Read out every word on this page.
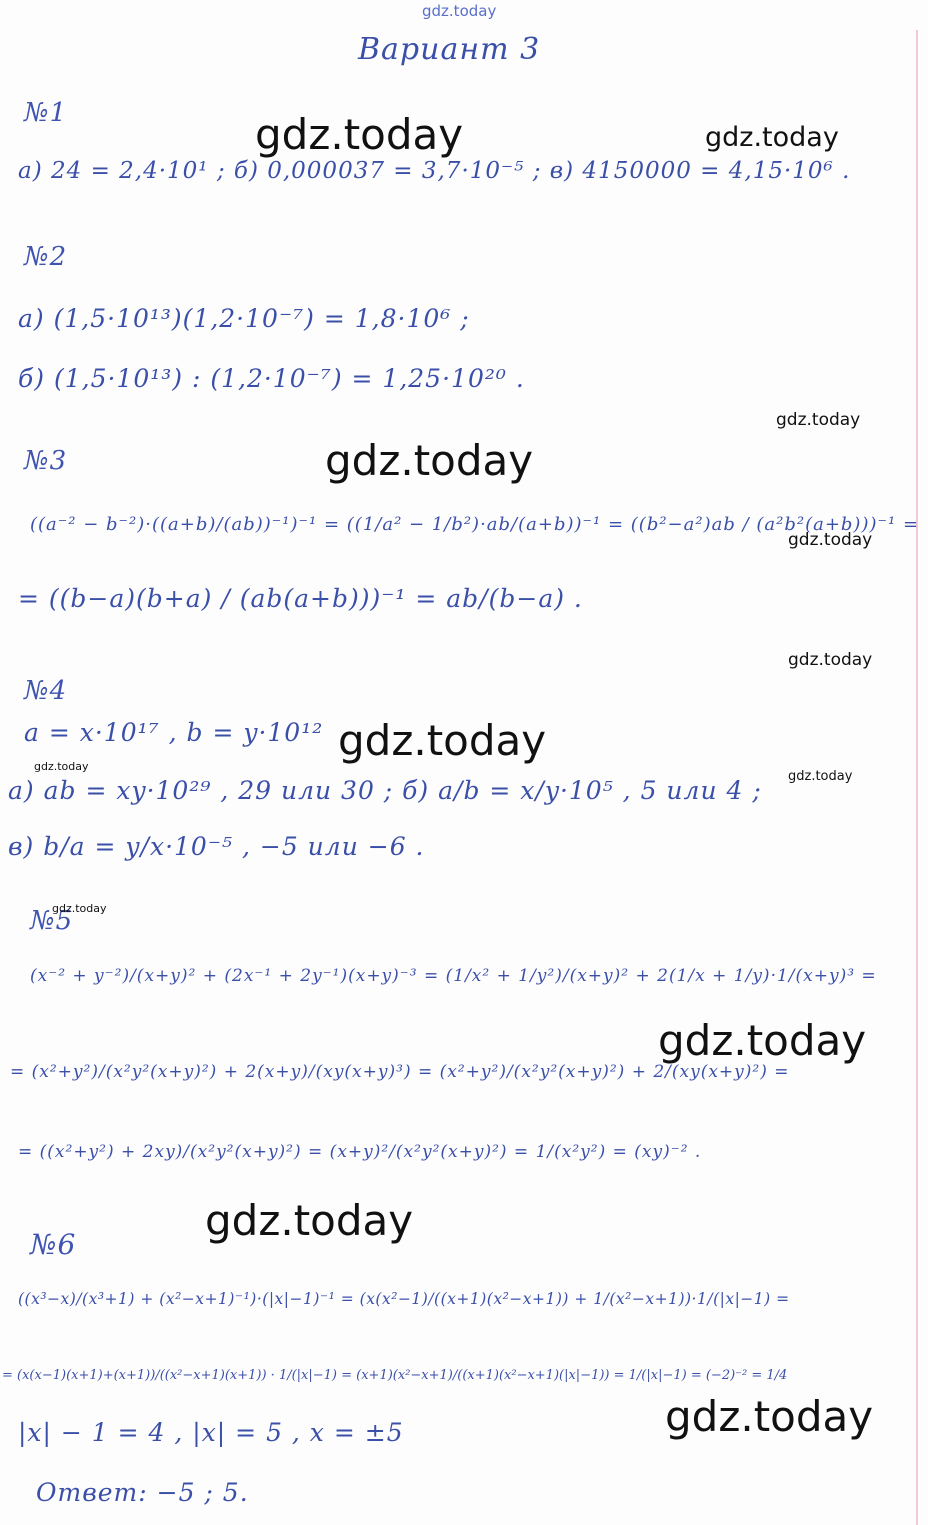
gdz.today
Вариант 3
№1
а) 24 = 2,4·10¹ ; б) 0,000037 = 3,7·10⁻⁵ ; в) 4150000 = 4,15·10⁶ .
№2
а) (1,5·10¹³)(1,2·10⁻⁷) = 1,8·10⁶ ;
б) (1,5·10¹³) : (1,2·10⁻⁷) = 1,25·10²⁰ .
№3
((a⁻² − b⁻²)·((a+b)/(ab))⁻¹)⁻¹ = ((1/a² − 1/b²)·ab/(a+b))⁻¹ = ((b²−a²)ab / (a²b²(a+b)))⁻¹ =
= ((b−a)(b+a) / (ab(a+b)))⁻¹ = ab/(b−a) .
№4
a = x·10¹⁷ , b = y·10¹²
а) ab = xy·10²⁹ , 29 или 30 ; б) a/b = x/y·10⁵ , 5 или 4 ;
в) b/a = y/x·10⁻⁵ , −5 или −6 .
№5
(x⁻² + y⁻²)/(x+y)² + (2x⁻¹ + 2y⁻¹)(x+y)⁻³ = (1/x² + 1/y²)/(x+y)² + 2(1/x + 1/y)·1/(x+y)³ =
= (x²+y²)/(x²y²(x+y)²) + 2(x+y)/(xy(x+y)³) = (x²+y²)/(x²y²(x+y)²) + 2/(xy(x+y)²) =
= ((x²+y²) + 2xy)/(x²y²(x+y)²) = (x+y)²/(x²y²(x+y)²) = 1/(x²y²) = (xy)⁻² .
№6
((x³−x)/(x³+1) + (x²−x+1)⁻¹)·(|x|−1)⁻¹ = (x(x²−1)/((x+1)(x²−x+1)) + 1/(x²−x+1))·1/(|x|−1) =
= (x(x−1)(x+1)+(x+1))/((x²−x+1)(x+1)) · 1/(|x|−1) = (x+1)(x²−x+1)/((x+1)(x²−x+1)(|x|−1)) = 1/(|x|−1) = (−2)⁻² = 1/4
|x| − 1 = 4 , |x| = 5 , x = ±5
Ответ: −5 ; 5.
gdz.today	gdz.today
gdz.today
gdz.today
gdz.today
gdz.today
gdz.today
gdz.today
gdz.today
gdz.today
gdz.today
gdz.today
gdz.today
